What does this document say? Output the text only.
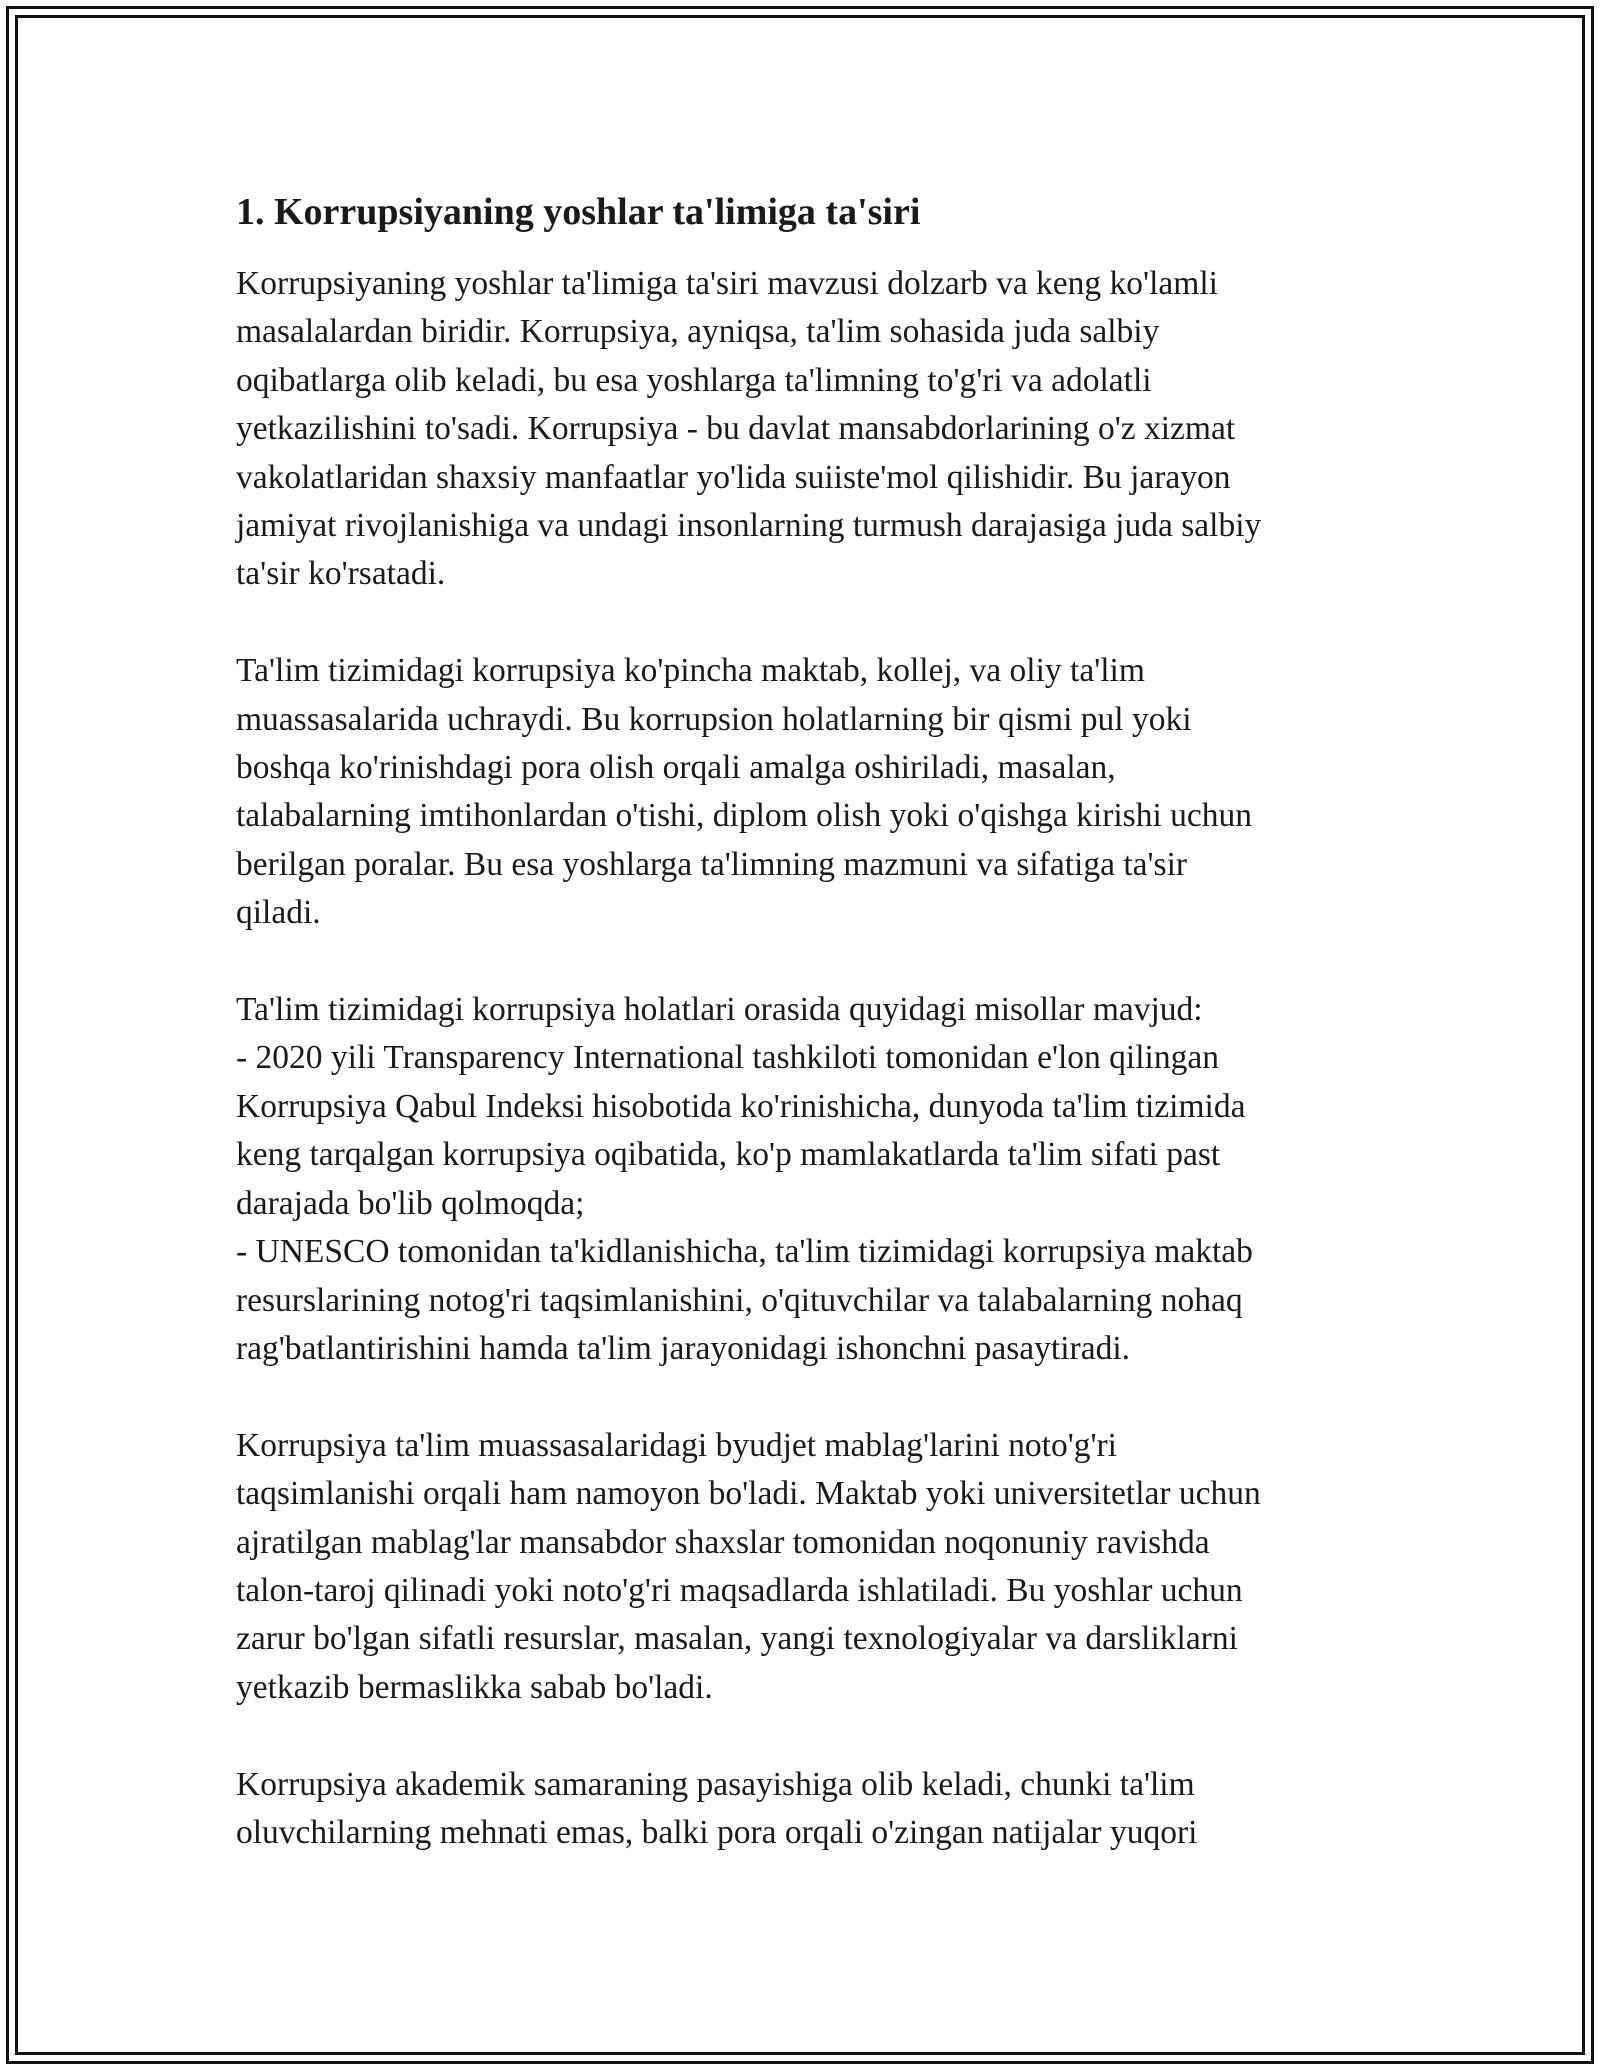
1. Korrupsiyaning yoshlar ta'limiga ta'siri
Korrupsiyaning yoshlar ta'limiga ta'siri mavzusi dolzarb va keng ko'lamli
masalalardan biridir. Korrupsiya, ayniqsa, ta'lim sohasida juda salbiy
oqibatlarga olib keladi, bu esa yoshlarga ta'limning to'g'ri va adolatli
yetkazilishini to'sadi. Korrupsiya - bu davlat mansabdorlarining o'z xizmat
vakolatlaridan shaxsiy manfaatlar yo'lida suiiste'mol qilishidir. Bu jarayon
jamiyat rivojlanishiga va undagi insonlarning turmush darajasiga juda salbiy
ta'sir ko'rsatadi.
Ta'lim tizimidagi korrupsiya ko'pincha maktab, kollej, va oliy ta'lim
muassasalarida uchraydi. Bu korrupsion holatlarning bir qismi pul yoki
boshqa ko'rinishdagi pora olish orqali amalga oshiriladi, masalan,
talabalarning imtihonlardan o'tishi, diplom olish yoki o'qishga kirishi uchun
berilgan poralar. Bu esa yoshlarga ta'limning mazmuni va sifatiga ta'sir
qiladi.
Ta'lim tizimidagi korrupsiya holatlari orasida quyidagi misollar mavjud:
- 2020 yili Transparency International tashkiloti tomonidan e'lon qilingan
Korrupsiya Qabul Indeksi hisobotida ko'rinishicha, dunyoda ta'lim tizimida
keng tarqalgan korrupsiya oqibatida, ko'p mamlakatlarda ta'lim sifati past
darajada bo'lib qolmoqda;
- UNESCO tomonidan ta'kidlanishicha, ta'lim tizimidagi korrupsiya maktab
resurslarining notog'ri taqsimlanishini, o'qituvchilar va talabalarning nohaq
rag'batlantirishini hamda ta'lim jarayonidagi ishonchni pasaytiradi.
Korrupsiya ta'lim muassasalaridagi byudjet mablag'larini noto'g'ri
taqsimlanishi orqali ham namoyon bo'ladi. Maktab yoki universitetlar uchun
ajratilgan mablag'lar mansabdor shaxslar tomonidan noqonuniy ravishda
talon-taroj qilinadi yoki noto'g'ri maqsadlarda ishlatiladi. Bu yoshlar uchun
zarur bo'lgan sifatli resurslar, masalan, yangi texnologiyalar va darsliklarni
yetkazib bermaslikka sabab bo'ladi.
Korrupsiya akademik samaraning pasayishiga olib keladi, chunki ta'lim
oluvchilarning mehnati emas, balki pora orqali o'zingan natijalar yuqori
